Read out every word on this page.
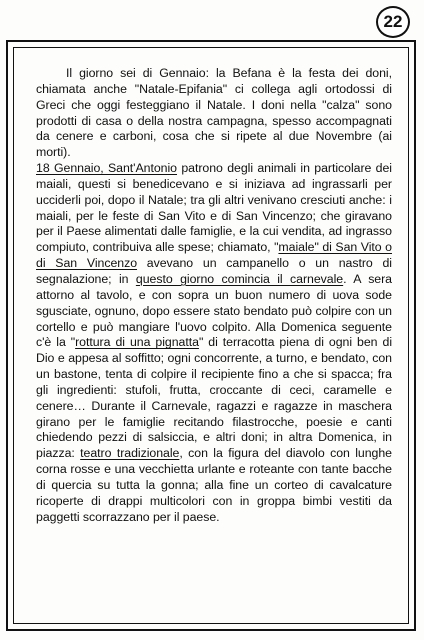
22

Il giorno sei di Gennaio: la Befana è la festa dei doni, chiamata anche "Natale-Epifania" ci collega agli ortodossi di Greci che oggi festeggiano il Natale. I doni nella "calza" sono prodotti di casa o della nostra campagna, spesso accompagnati da cenere e carboni, cosa che si ripete al due Novembre (ai morti).
18 Gennaio, Sant'Antonio patrono degli animali in particolare dei maiali, questi si benedicevano e si iniziava ad ingrassarli per ucciderli poi, dopo il Natale; tra gli altri venivano cresciuti anche: i maiali, per le feste di San Vito e di San Vincenzo; che giravano per il Paese alimentati dalle famiglie, e la cui vendita, ad ingrasso compiuto, contribuiva alle spese; chiamato, "maiale" di San Vito o di San Vincenzo avevano un campanello o un nastro di segnalazione; in questo giorno comincia il carnevale. A sera attorno al tavolo, e con sopra un buon numero di uova sode sgusciate, ognuno, dopo essere stato bendato può colpire con un cortello e può mangiare l'uovo colpito. Alla Domenica seguente c'è la "rottura di una pignatta" di terracotta piena di ogni ben di Dio e appesa al soffitto; ogni concorrente, a turno, e bendato, con un bastone, tenta di colpire il recipiente fino a che si spacca; fra gli ingredienti: stufoli, frutta, croccante di ceci, caramelle e cenere… Durante il Carnevale, ragazzi e ragazze in maschera girano per le famiglie recitando filastrocche, poesie e canti chiedendo pezzi di salsiccia, e altri doni; in altra Domenica, in piazza: teatro tradizionale, con la figura del diavolo con lunghe corna rosse e una vecchietta urlante e roteante con tante bacche di quercia su tutta la gonna; alla fine un corteo di cavalcature ricoperte di drappi multicolori con in groppa bimbi vestiti da paggetti scorrazzano per il paese.
